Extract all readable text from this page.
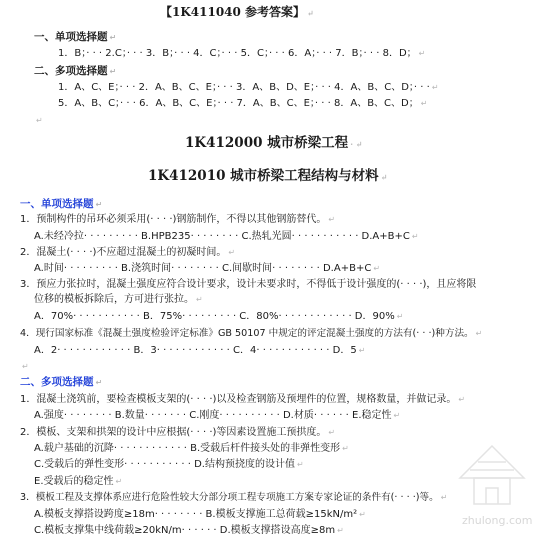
【1K411040 参考答案】 ↵
一、单项选择题 ↵
1．B；· · · 2.C；· · · 3．B；· · · 4．C；· · · 5．C；· · · 6．A；· · · 7．B；· · · 8．D； ↵
二、多项选择题 ↵
1．A、C、E；· · · 2．A、B、C、E；· · · 3．A、B、D、E；· · · 4．A、B、C、D；· · · ↵
5．A、B、C；· · · 6．A、B、C、E；· · · 7．A、B、C、E；· · · 8．A、B、C、D； ↵
↵
1K412000 城市桥梁工程 · ↵
1K412010 城市桥梁工程结构与材料 ↵
一、单项选择题 ↵
1．预制构件的吊环必须采用(· · · ·)钢筋制作，不得以其他钢筋替代。 ↵
A.未经冷拉· · · · · · · · · B.HPB235· · · · · · · · C.热轧光圆· · · · · · · · · · · D.A+B+C ↵
2．混凝土(· · · ·)不应超过混凝土的初凝时间。 ↵
A.时间· · · · · · · · · B.浇筑时间· · · · · · · · C.间歇时间· · · · · · · · D.A+B+C ↵
3．预应力张拉时，混凝土强度应符合设计要求，设计未要求时，不得低于设计强度的(· · · ·)，且应将限
位移的模板拆除后，方可进行张拉。 ↵
A．70%· · · · · · · · · · · B．75%· · · · · · · · · C．80%· · · · · · · · · · · · D．90% ↵
4．现行国家标准《混凝土强度检验评定标准》GB 50107 中规定的评定混凝土强度的方法有(· · ·)种方法。 ↵
A．2· · · · · · · · · · · · B．3· · · · · · · · · · · · C．4· · · · · · · · · · · · D．5 ↵
↵
二、多项选择题 ↵
1．混凝土浇筑前，要检查模板支架的(· · · ·)以及检查钢筋及预埋件的位置，规格数量，并做记录。 ↵
A.强度· · · · · · · · B.数量· · · · · · · C.刚度· · · · · · · · · · D.材质· · · · · · E.稳定性 ↵
2．模板、支架和拱架的设计中应根据(· · · ·)等因素设置施工预拱度。 ↵
A.载户基础的沉降· · · · · · · · · · · · B.受载后杆件接头处的非弹性变形 ↵
C.受载后的弹性变形· · · · · · · · · · · D.结构预挠度的设计值 ↵
E.受载后的稳定性 ↵
3．模板工程及支撑体系应进行危险性较大分部分项工程专项施工方案专家论证的条件有(· · · ·)等。 ↵
A.模板支撑搭设跨度≥18m· · · · · · · · B.模板支撑施工总荷载≥15kN/m² ↵
C.模板支撑集中线荷载≥20kN/m· · · · · · D.模板支撑搭设高度≥8m ↵
zhulong.com
